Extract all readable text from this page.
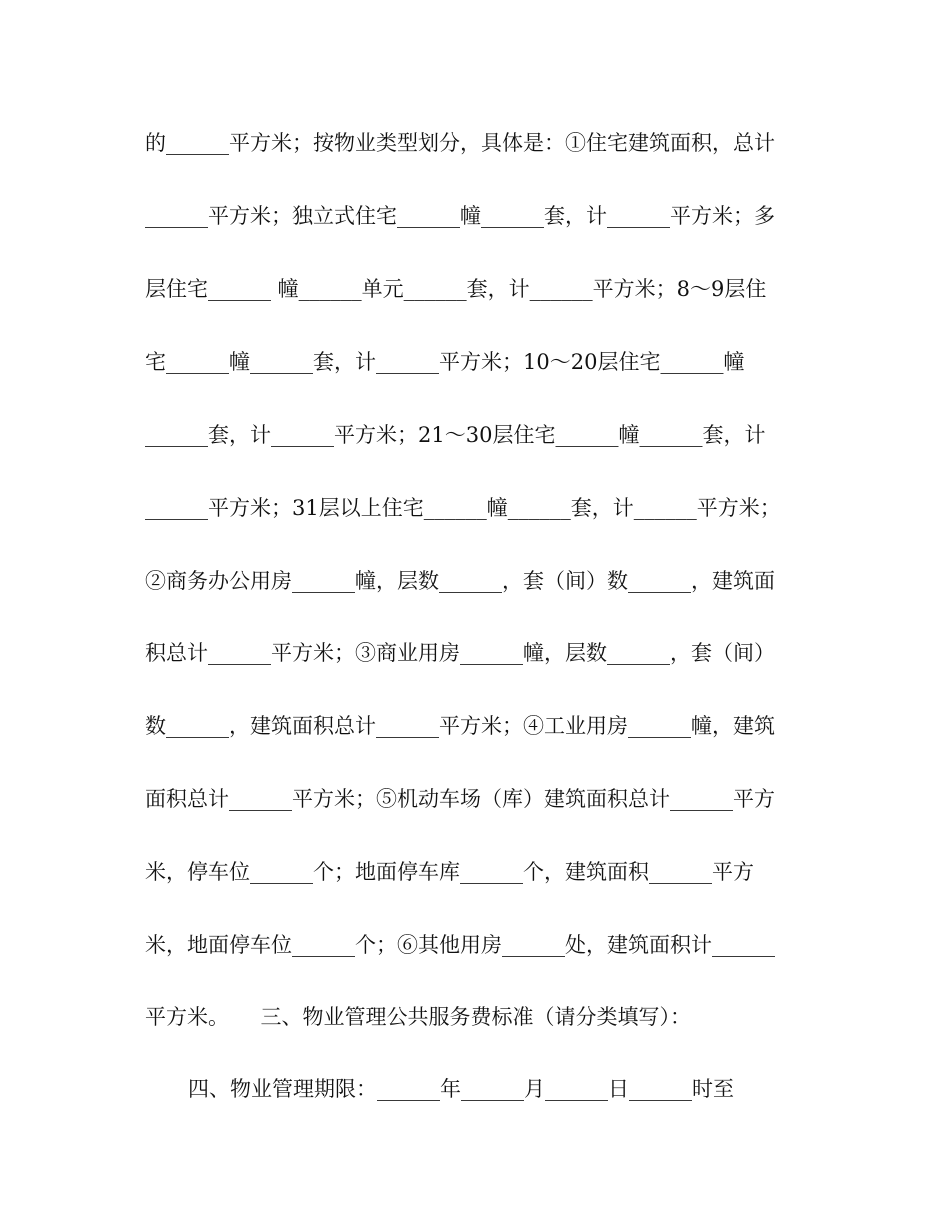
的______平方米；按物业类型划分，具体是：①住宅建筑面积，总计
______平方米；独立式住宅______幢______套，计______平方米；多
层住宅______ 幢______单元______套，计______平方米；8～9层住
宅______幢______套，计______平方米；10～20层住宅______幢
______套，计______平方米；21～30层住宅______幢______套，计
______平方米；31层以上住宅______幢______套，计______平方米；
②商务办公用房______幢，层数______，套（间）数______，建筑面
积总计______平方米；③商业用房______幢，层数______，套（间）
数______，建筑面积总计______平方米；④工业用房______幢，建筑
面积总计______平方米；⑤机动车场（库）建筑面积总计______平方
米，停车位______个；地面停车库______个，建筑面积______平方
米，地面停车位______个；⑥其他用房______处，建筑面积计______
平方米。　　三、物业管理公共服务费标准（请分类填写）：
四、物业管理期限：______年______月______日______时至
